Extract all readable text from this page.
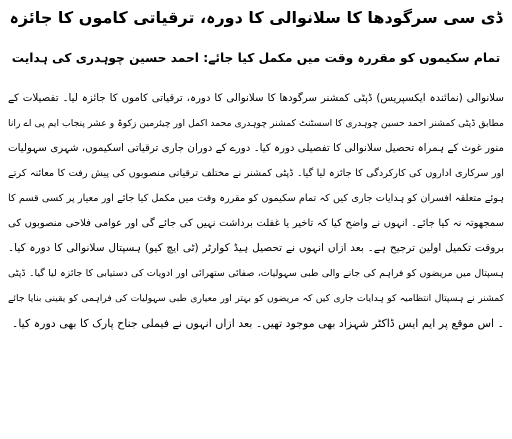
ڈی سی سرگودھا کا سلانوالی کا دورہ، ترقیاتی کاموں کا جائزہ
تمام سکیموں کو مقررہ وقت میں مکمل کیا جائے: احمد حسین چوہدری کی ہدایت
سلانوالی (نمائندہ ایکسپریس) ڈپٹی کمشنر سرگودھا کا سلانوالی کا دورہ، ترقیاتی کاموں کا جائزہ لیا۔ تفصیلات کے
مطابق ڈپٹی کمشنر احمد حسین چوہدری کا اسسٹنٹ کمشنر چوہدری محمد اکمل اور چیئرمین زکوۃ و عشر پنجاب ایم پی اے رانا
منور غوث کے ہمراہ تحصیل سلانوالی کا تفصیلی دورہ کیا۔ دورے کے دوران جاری ترقیاتی اسکیموں، شہری سہولیات
اور سرکاری اداروں کی کارکردگی کا جائزہ لیا گیا۔ ڈپٹی کمشنر نے مختلف ترقیاتی منصوبوں کی پیش رفت کا معائنہ کرتے
ہوئے متعلقہ افسران کو ہدایات جاری کیں کہ تمام سکیموں کو مقررہ وقت میں مکمل کیا جائے اور معیار پر کسی قسم کا
سمجھوتہ نہ کیا جائے۔ انہوں نے واضح کیا کہ تاخیر یا غفلت برداشت نہیں کی جائے گی اور عوامی فلاحی منصوبوں کی
بروقت تکمیل اولین ترجیح ہے۔ بعد ازاں انہوں نے تحصیل ہیڈ کوارٹر (ٹی ایچ کیو) ہسپتال سلانوالی کا دورہ کیا۔
ہسپتال میں مریضوں کو فراہم کی جانے والی طبی سہولیات، صفائی ستھرائی اور ادویات کی دستیابی کا جائزہ لیا گیا۔ ڈپٹی
کمشنر نے ہسپتال انتظامیہ کو ہدایات جاری کیں کہ مریضوں کو بہتر اور معیاری طبی سہولیات کی فراہمی کو یقینی بنایا جائے
۔ اس موقع پر ایم ایس ڈاکٹر شہزاد بھی موجود تھیں۔ بعد ازاں انہوں نے فیملی جناح پارک کا بھی دورہ کیا۔
